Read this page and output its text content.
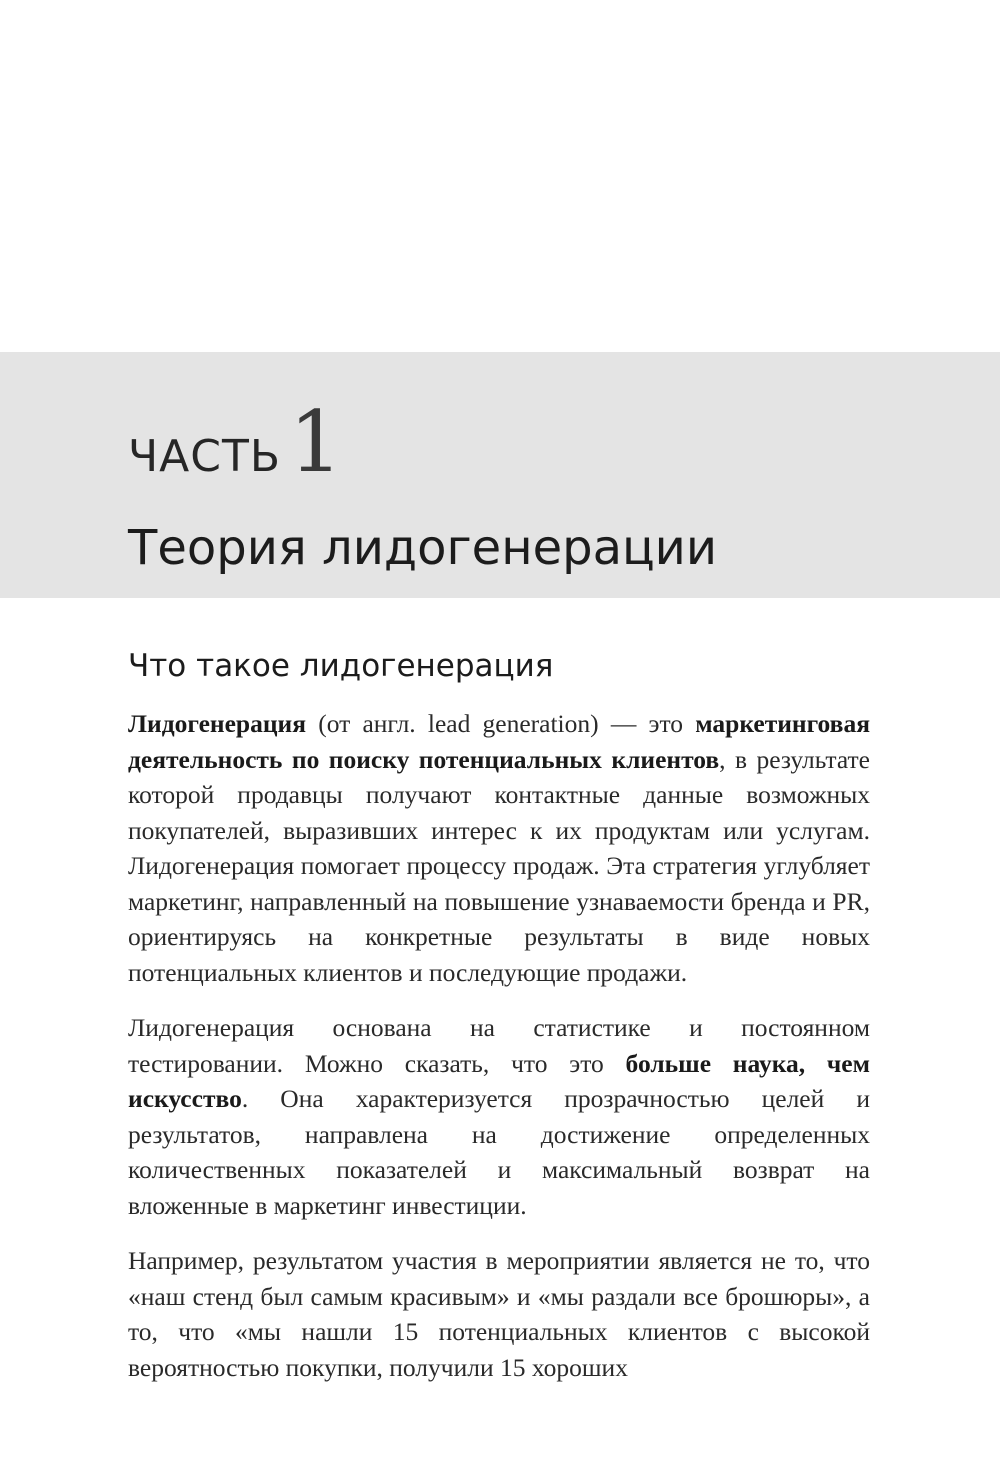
ЧАСТЬ 1
Теория лидогенерации
Что такое лидогенерация

Лидогенерация (от англ. lead generation) — это маркетинговая деятельность по поиску потенциальных клиентов, в результате которой продавцы получают контактные данные возможных покупателей, выразивших интерес к их продуктам или услугам. Лидогенерация помогает процессу продаж. Эта стратегия углубляет маркетинг, направленный на повышение узнаваемости бренда и PR, ориентируясь на конкретные результаты в виде новых потенциальных клиентов и последующие продажи.

Лидогенерация основана на статистике и постоянном тестировании. Можно сказать, что это больше наука, чем искусство. Она характеризуется прозрачностью целей и результатов, направлена на достижение определенных количественных показателей и максимальный возврат на вложенные в маркетинг инвестиции.

Например, результатом участия в мероприятии является не то, что «наш стенд был самым красивым» и «мы раздали все брошюры», а то, что «мы нашли 15 потенциальных клиентов с высокой вероятностью покупки, получили 15 хороших
